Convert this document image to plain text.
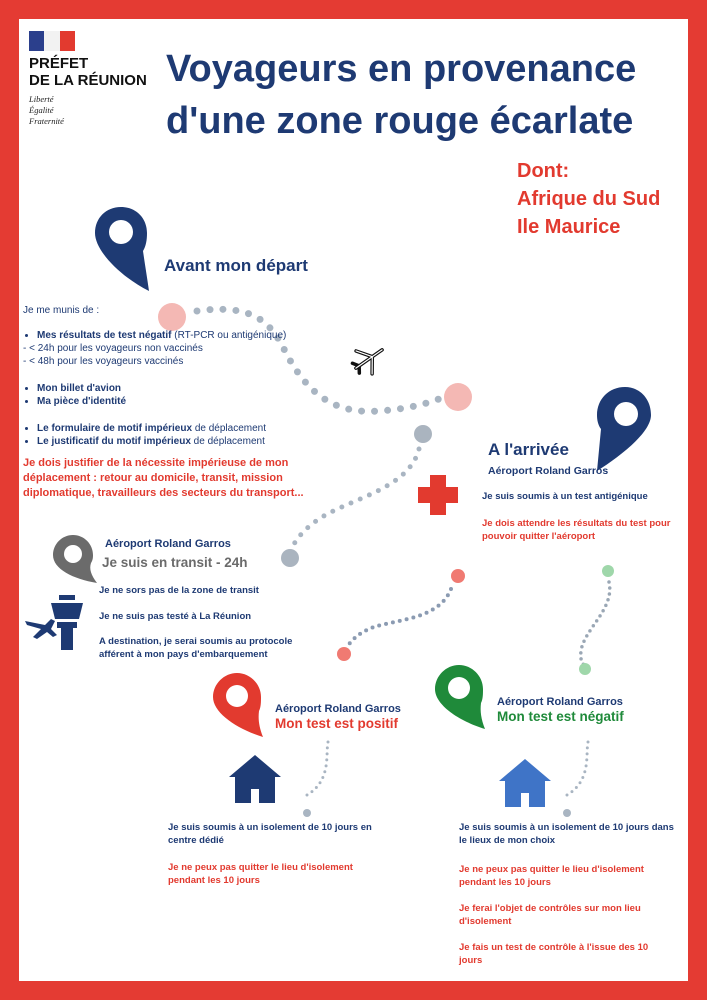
PRÉFET
DE LA RÉUNION
Liberté
Égalité
Fraternité
Voyageurs en provenance
d'une zone rouge écarlate
Dont:
Afrique du Sud
Ile Maurice
Avant mon départ

Je me munis de :

• Mes résultats de test négatif (RT-PCR ou antigénique)

- < 24h pour les voyageurs non vaccinés

- < 48h pour les voyageurs vaccinés

• Mon billet d'avion
• Ma pièce d'identité
• Le formulaire de motif impérieux de déplacement
• Le justificatif du motif impérieux de déplacement
Je dois justifier de la nécessite impérieuse de mon déplacement : retour au domicile, transit, mission diplomatique, travailleurs des secteurs du transport...
A l'arrivée
Aéroport Roland Garros
Je suis soumis à un test antigénique
Je dois attendre les résultats du test pour pouvoir quitter l'aéroport
Aéroport Roland Garros
Je suis en transit - 24h

Je ne sors pas de la zone de transit

Je ne suis pas testé à La Réunion

A destination, je serai soumis au protocole afférent à mon pays d'embarquement

Aéroport Roland Garros
Mon test est positif
Je suis soumis à un isolement de 10 jours en centre dédié
Je ne peux pas quitter le lieu d'isolement pendant les 10 jours
Aéroport Roland Garros
Mon test est négatif
Je suis soumis à un isolement de 10 jours dans le lieux de mon choix

Je ne peux pas quitter le lieu d'isolement pendant les 10 jours

Je ferai l'objet de contrôles sur mon lieu d'isolement

Je fais un test de contrôle à l'issue des 10 jours
